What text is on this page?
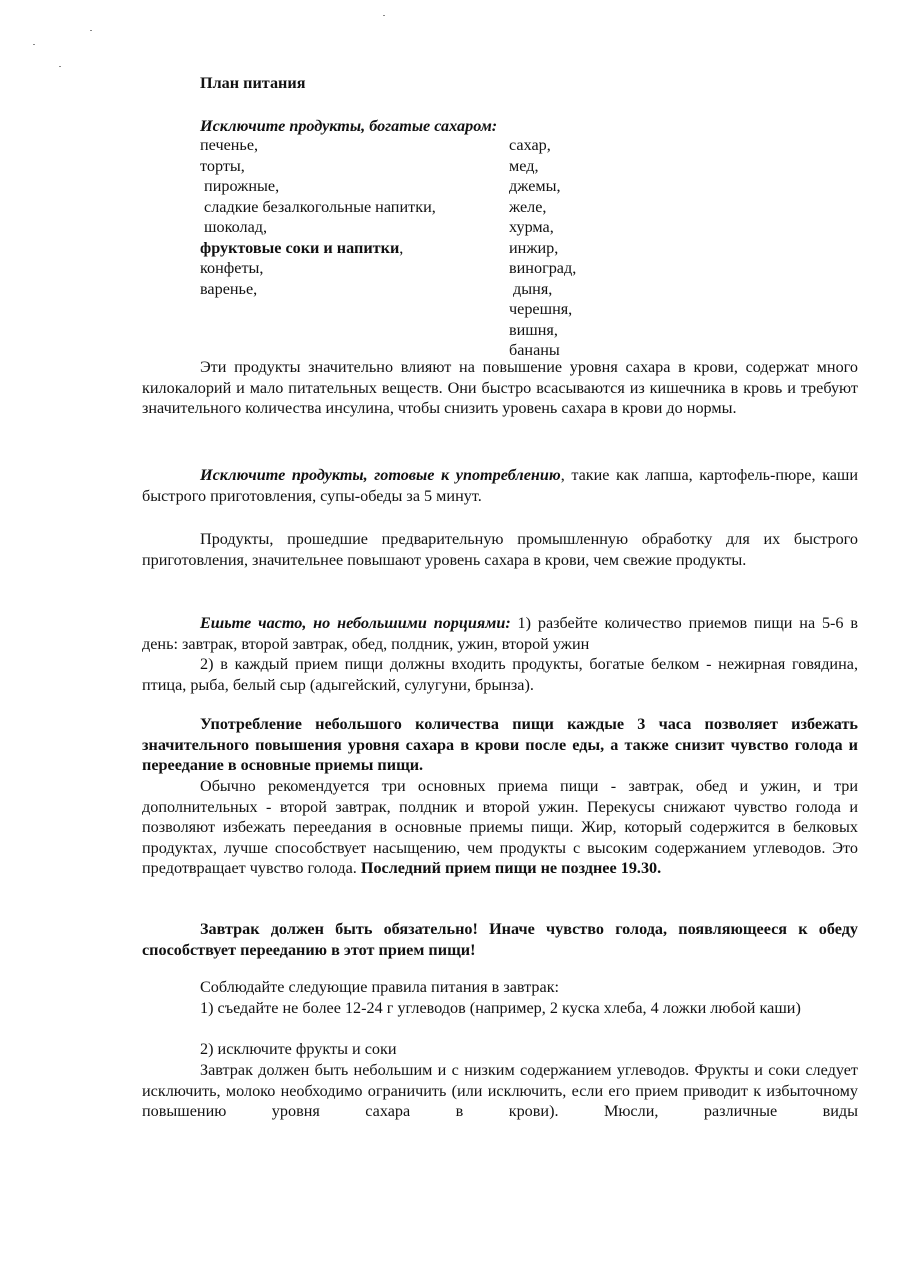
План питания
Исключите продукты, богатые сахаром:
печенье,
торты,
пирожные,
сладкие безалкогольные напитки,
шоколад,
фруктовые соки и напитки,
конфеты,
варенье,
сахар,
мед,
джемы,
желе,
хурма,
инжир,
виноград,
дыня,
черешня,
вишня,
бананы

Эти продукты значительно влияют на повышение уровня сахара в крови, содержат много килокалорий и мало питательных веществ. Они быстро всасываются из кишечника в кровь и требуют значительного количества инсулина, чтобы снизить уровень сахара в крови до нормы.

Исключите продукты, готовые к употреблению, такие как лапша, картофель-пюре, каши быстрого приготовления, супы-обеды за 5 минут.

Продукты, прошедшие предварительную промышленную обработку для их быстрого приготовления, значительнее повышают уровень сахара в крови, чем свежие продукты.

Ешьте часто, но небольшими порциями: 1) разбейте количество приемов пищи на 5-6 в день: завтрак, второй завтрак, обед, полдник, ужин, второй ужин

2) в каждый прием пищи должны входить продукты, богатые белком - нежирная говядина, птица, рыба, белый сыр (адыгейский, сулугуни, брынза).

Употребление небольшого количества пищи каждые 3 часа позволяет избежать значительного повышения уровня сахара в крови после еды, а также снизит чувство голода и переедание в основные приемы пищи.

Обычно рекомендуется три основных приема пищи - завтрак, обед и ужин, и три дополнительных - второй завтрак, полдник и второй ужин. Перекусы снижают чувство голода и позволяют избежать переедания в основные приемы пищи. Жир, который содержится в белковых продуктах, лучше способствует насыщению, чем продукты с высоким содержанием углеводов. Это предотвращает чувство голода. Последний прием пищи не позднее 19.30.

Завтрак должен быть обязательно! Иначе чувство голода, появляющееся к обеду способствует перееданию в этот прием пищи!

Соблюдайте следующие правила питания в завтрак:

1) съедайте не более 12-24 г углеводов (например, 2 куска хлеба, 4 ложки любой каши)

2) исключите фрукты и соки

Завтрак должен быть небольшим и с низким содержанием углеводов. Фрукты и соки следует исключить, молоко необходимо ограничить (или исключить, если его прием приводит к избыточному повышению уровня сахара в крови). Мюсли, различные виды
